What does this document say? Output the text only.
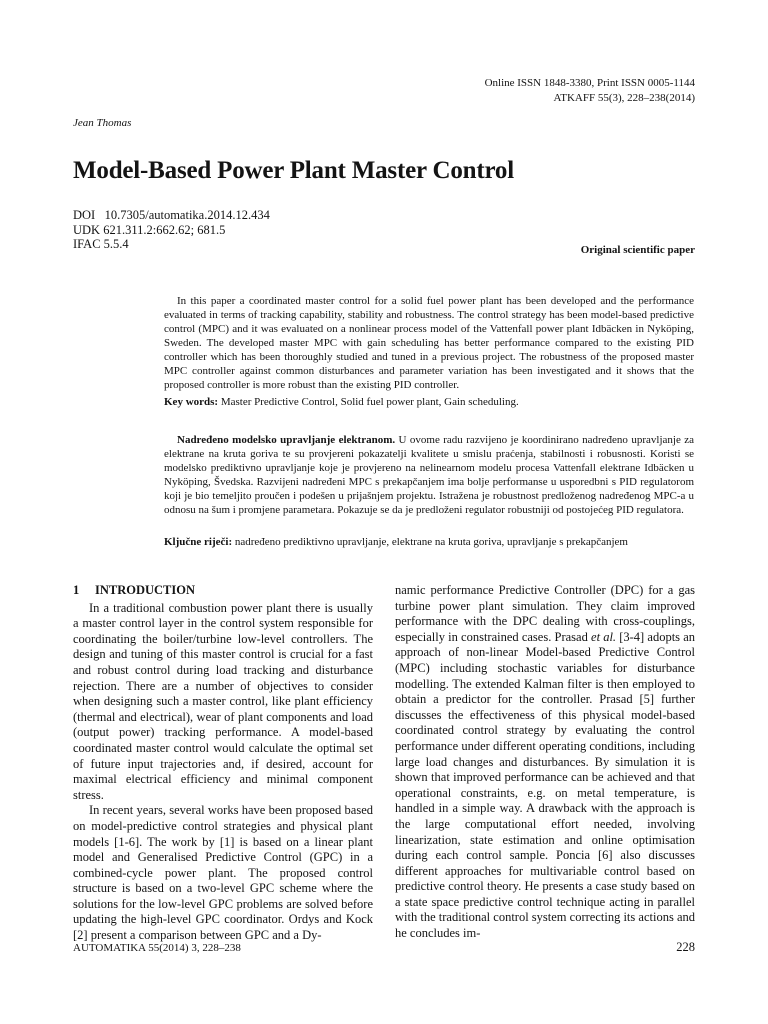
Online ISSN 1848-3380, Print ISSN 0005-1144
ATKAFF 55(3), 228–238(2014)
Jean Thomas
Model-Based Power Plant Master Control
DOI   10.7305/automatika.2014.12.434
UDK 621.311.2:662.62; 681.5
IFAC 5.5.4	Original scientific paper

In this paper a coordinated master control for a solid fuel power plant has been developed and the performance evaluated in terms of tracking capability, stability and robustness. The control strategy has been model-based predictive control (MPC) and it was evaluated on a nonlinear process model of the Vattenfall power plant Idbäcken in Nyköping, Sweden. The developed master MPC with gain scheduling has better performance compared to the existing PID controller which has been thoroughly studied and tuned in a previous project. The robustness of the proposed master MPC controller against common disturbances and parameter variation has been investigated and it shows that the proposed controller is more robust than the existing PID controller.

Key words: Master Predictive Control, Solid fuel power plant, Gain scheduling.

Nadređeno modelsko upravljanje elektranom. U ovome radu razvijeno je koordinirano nadređeno upravljanje za elektrane na kruta goriva te su provjereni pokazatelji kvalitete u smislu praćenja, stabilnosti i robusnosti. Koristi se modelsko prediktivno upravljanje koje je provjereno na nelinearnom modelu procesa Vattenfall elektrane Idbäcken u Nyköping, Švedska. Razvijeni nadređeni MPC s prekapčanjem ima bolje performanse u usporedbni s PID regulatorom koji je bio temeljito proučen i podešen u prijašnjem projektu. Istražena je robustnost predloženog nadređenog MPC-a u odnosu na šum i promjene parametara. Pokazuje se da je predloženi regulator robustniji od postojećeg PID regulatora.

Ključne riječi: nadređeno prediktivno upravljanje, elektrane na kruta goriva, upravljanje s prekapčanjem
1 INTRODUCTION

In a traditional combustion power plant there is usually a master control layer in the control system responsible for coordinating the boiler/turbine low-level controllers. The design and tuning of this master control is crucial for a fast and robust control during load tracking and disturbance rejection. There are a number of objectives to consider when designing such a master control, like plant efficiency (thermal and electrical), wear of plant components and load (output power) tracking performance. A model-based coordinated master control would calculate the optimal set of future input trajectories and, if desired, account for maximal electrical efficiency and minimal component stress.

In recent years, several works have been proposed based on model-predictive control strategies and physical plant models [1-6]. The work by [1] is based on a linear plant model and Generalised Predictive Control (GPC) in a combined-cycle power plant. The proposed control structure is based on a two-level GPC scheme where the solutions for the low-level GPC problems are solved before updating the high-level GPC coordinator. Ordys and Kock [2] present a comparison between GPC and a Dy-

namic performance Predictive Controller (DPC) for a gas turbine power plant simulation. They claim improved performance with the DPC dealing with cross-couplings, especially in constrained cases. Prasad et al. [3-4] adopts an approach of non-linear Model-based Predictive Control (MPC) including stochastic variables for disturbance modelling. The extended Kalman filter is then employed to obtain a predictor for the controller. Prasad [5] further discusses the effectiveness of this physical model-based coordinated control strategy by evaluating the control performance under different operating conditions, including large load changes and disturbances. By simulation it is shown that improved performance can be achieved and that operational constraints, e.g. on metal temperature, is handled in a simple way. A drawback with the approach is the large computational effort needed, involving linearization, state estimation and online optimisation during each control sample. Poncia [6] also discusses different approaches for multivariable control based on predictive control theory. He presents a case study based on a state space predictive control technique acting in parallel with the traditional control system correcting its actions and he concludes im-

AUTOMATIKA 55(2014) 3, 228–238	228
